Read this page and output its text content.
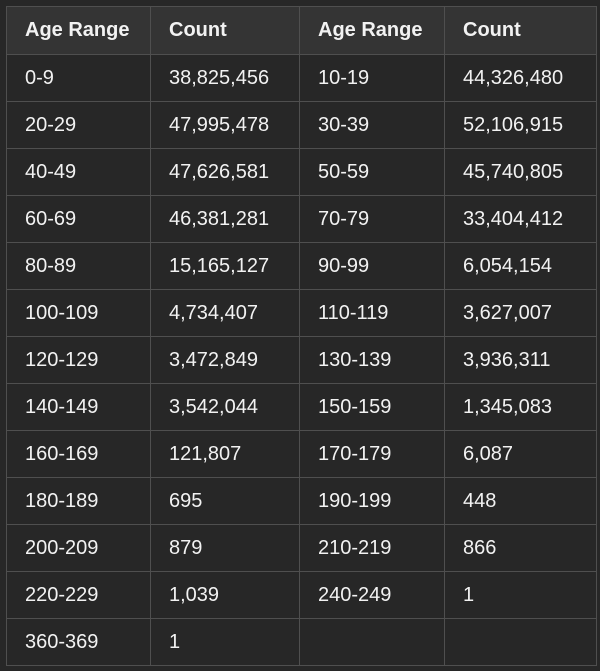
Age Range	Count	Age Range	Count
0-9	38,825,456	10-19	44,326,480
20-29	47,995,478	30-39	52,106,915
40-49	47,626,581	50-59	45,740,805
60-69	46,381,281	70-79	33,404,412
80-89	15,165,127	90-99	6,054,154
100-109	4,734,407	110-119	3,627,007
120-129	3,472,849	130-139	3,936,311
140-149	3,542,044	150-159	1,345,083
160-169	121,807	170-179	6,087
180-189	695	190-199	448
200-209	879	210-219	866
220-229	1,039	240-249	1
360-369	1		
